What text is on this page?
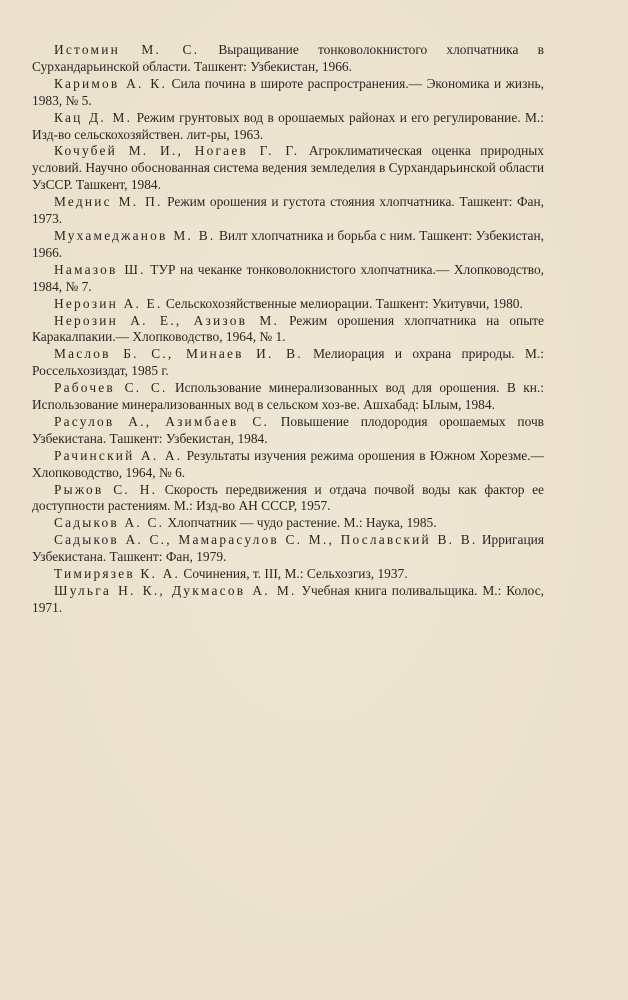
Истомин М. С. Выращивание тонковолокнистого хлопчатника в Сурхандарьинской области. Ташкент: Узбекистан, 1966.

Каримов А. К. Сила почина в широте распространения.— Экономика и жизнь, 1983, № 5.

Кац Д. М. Режим грунтовых вод в орошаемых районах и его регулирование. М.: Изд-во сельскохозяйствен. лит-ры, 1963.

Кочубей М. И., Ногаев Г. Г. Агроклиматическая оценка природных условий. Научно обоснованная система ведения земледелия в Сурхандарьинской области УзССР. Ташкент, 1984.

Меднис М. П. Режим орошения и густота стояния хлопчатника. Ташкент: Фан, 1973.

Мухамеджанов М. В. Вилт хлопчатника и борьба с ним. Ташкент: Узбекистан, 1966.

Намазов Ш. ТУР на чеканке тонковолокнистого хлопчатника.— Хлопководство, 1984, № 7.

Нерозин А. Е. Сельскохозяйственные мелиорации. Ташкент: Укитувчи, 1980.

Нерозин А. Е., Азизов М. Режим орошения хлопчатника на опыте Каракалпакии.— Хлопководство, 1964, № 1.

Маслов Б. С., Минаев И. В. Мелиорация и охрана природы. М.: Россельхозиздат, 1985 г.

Рабочев С. С. Использование минерализованных вод для орошения. В кн.: Использование минерализованных вод в сельском хоз-ве. Ашхабад: Ылым, 1984.

Расулов А., Азимбаев С. Повышение плодородия орошаемых почв Узбекистана. Ташкент: Узбекистан, 1984.

Рачинский А. А. Результаты изучения режима орошения в Южном Хорезме.— Хлопководство, 1964, № 6.

Рыжов С. Н. Скорость передвижения и отдача почвой воды как фактор ее доступности растениям. М.: Изд-во АН СССР, 1957.

Садыков А. С. Хлопчатник — чудо растение. М.: Наука, 1985.

Садыков А. С., Мамарасулов С. М., Пославский В. В. Ирригация Узбекистана. Ташкент: Фан, 1979.

Тимирязев К. А. Сочинения, т. III, М.: Сельхозгиз, 1937.

Шульга Н. К., Дукмасов А. М. Учебная книга поливальщика. М.: Колос, 1971.
